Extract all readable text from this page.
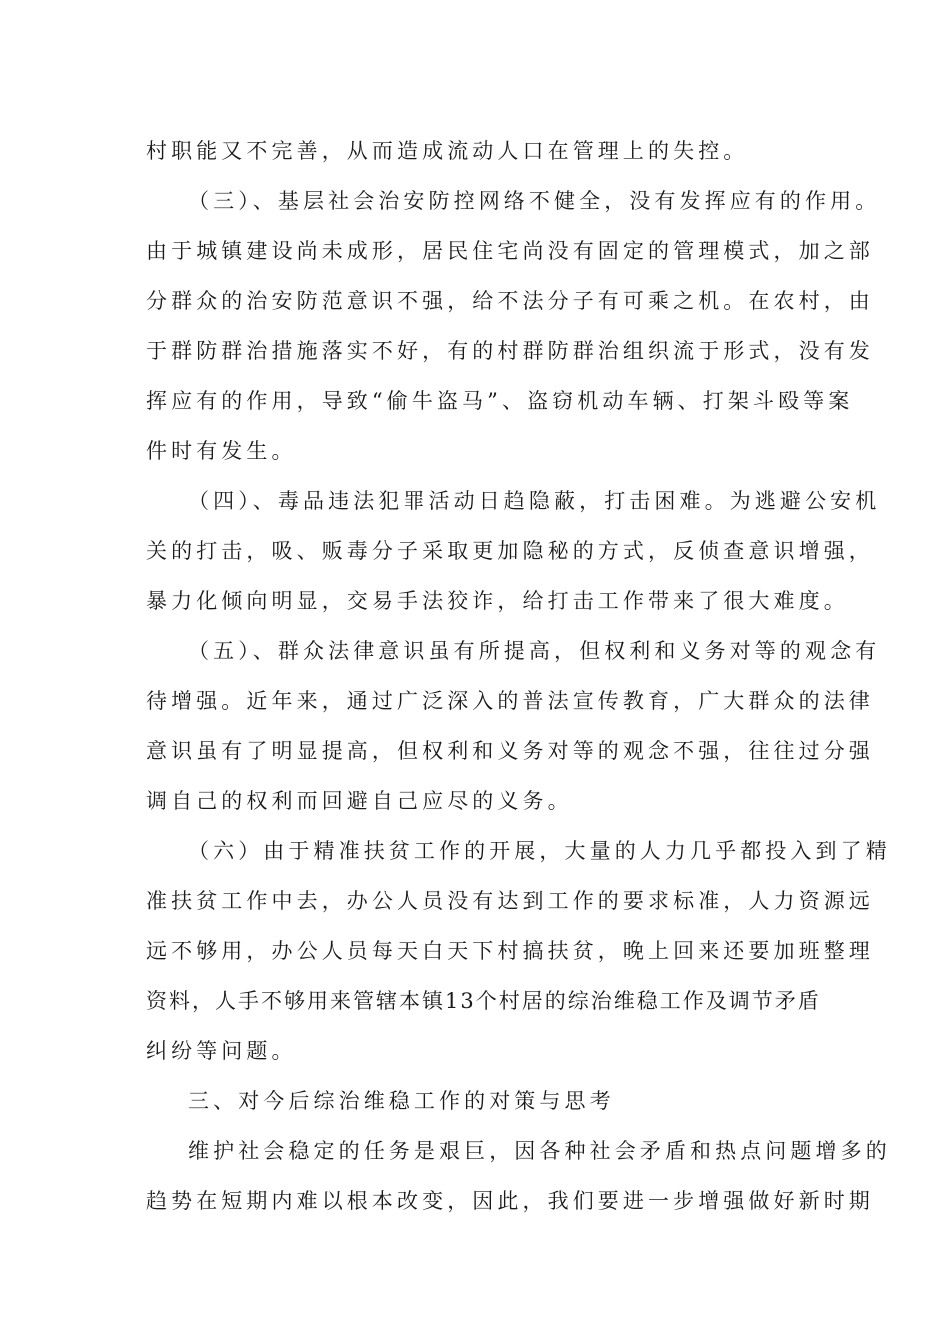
村职能又不完善，从而造成流动人口在管理上的失控。
（三）、基层社会治安防控网络不健全，没有发挥应有的作用。
由于城镇建设尚未成形，居民住宅尚没有固定的管理模式，加之部
分群众的治安防范意识不强，给不法分子有可乘之机。在农村，由
于群防群治措施落实不好，有的村群防群治组织流于形式，没有发
挥应有的作用，导致“偷牛盗马”、盗窃机动车辆、打架斗殴等案
件时有发生。
（四）、毒品违法犯罪活动日趋隐蔽，打击困难。为逃避公安机
关的打击，吸、贩毒分子采取更加隐秘的方式，反侦查意识增强，
暴力化倾向明显，交易手法狡诈，给打击工作带来了很大难度。
（五）、群众法律意识虽有所提高，但权利和义务对等的观念有
待增强。近年来，通过广泛深入的普法宣传教育，广大群众的法律
意识虽有了明显提高，但权利和义务对等的观念不强，往往过分强
调自己的权利而回避自己应尽的义务。
（六）由于精准扶贫工作的开展，大量的人力几乎都投入到了精
准扶贫工作中去，办公人员没有达到工作的要求标准，人力资源远
远不够用，办公人员每天白天下村搞扶贫，晚上回来还要加班整理
资料，人手不够用来管辖本镇13个村居的综治维稳工作及调节矛盾
纠纷等问题。
三、对今后综治维稳工作的对策与思考
维护社会稳定的任务是艰巨，因各种社会矛盾和热点问题增多的
趋势在短期内难以根本改变，因此，我们要进一步增强做好新时期
